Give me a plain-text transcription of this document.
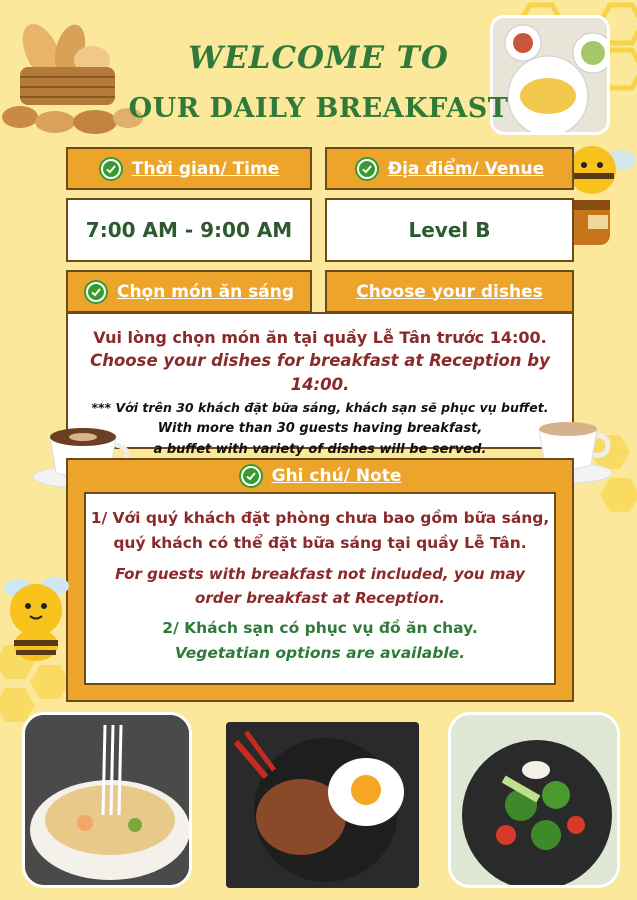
WELCOME TO
OUR DAILY BREAKFAST
Thời gian/ Time
7:00 AM - 9:00 AM
Địa điểm/ Venue
Level B
Chọn món ăn sáng	Choose your dishes
Vui lòng chọn món ăn tại quầy Lễ Tân trước 14:00.
Choose your dishes for breakfast at Reception by 14:00.
*** Với trên 30 khách đặt bữa sáng, khách sạn sẽ phục vụ buffet.
With more than 30 guests having breakfast,
a buffet with variety of dishes will be served.
Ghi chú/ Note
1/ Với quý khách đặt phòng chưa bao gồm bữa sáng,
quý khách có thể đặt bữa sáng tại quầy Lễ Tân.
For guests with breakfast not included, you may
order breakfast at Reception.
2/ Khách sạn có phục vụ đồ ăn chay.
Vegetatian options are available.
